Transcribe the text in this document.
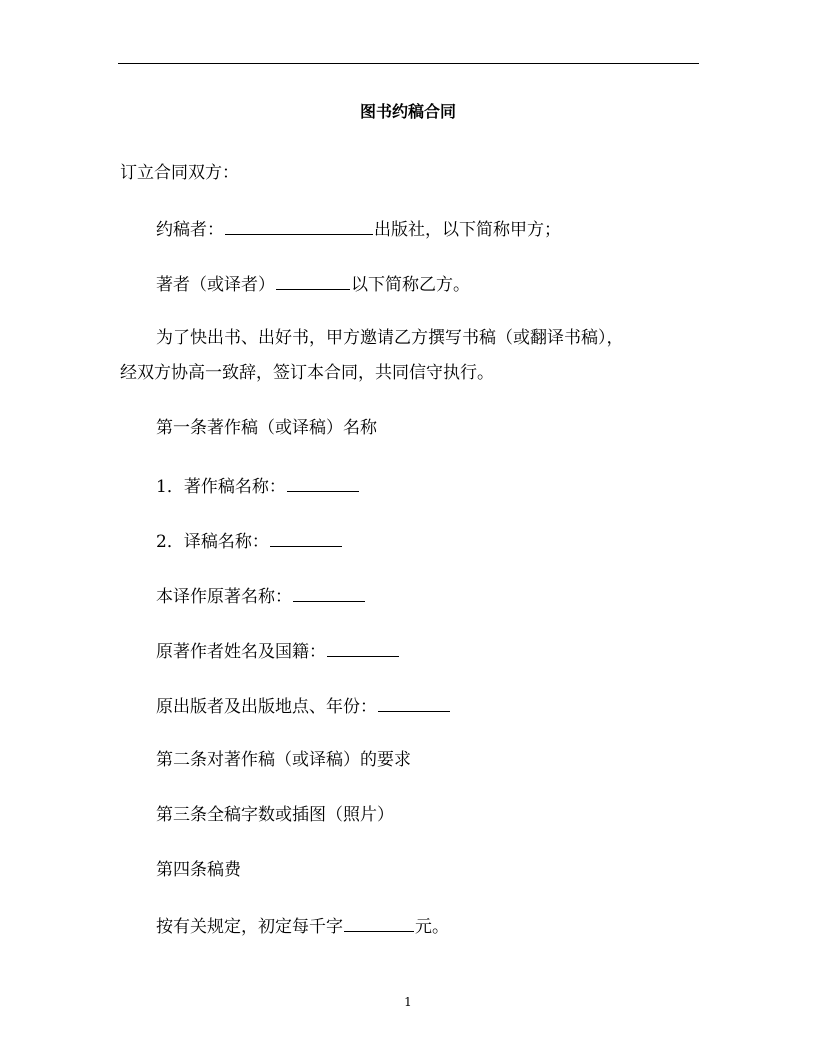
图书约稿合同
订立合同双方：
约稿者：	出版社，以下简称甲方；
著者（或译者）	以下简称乙方。
为了快出书、出好书，甲方邀请乙方撰写书稿（或翻译书稿），
经双方协高一致辞，签订本合同，共同信守执行。
第一条著作稿（或译稿）名称
1．著作稿名称：
2．译稿名称：
本译作原著名称：
原著作者姓名及国籍：
原出版者及出版地点、年份：
第二条对著作稿（或译稿）的要求
第三条全稿字数或插图（照片）
第四条稿费
按有关规定，初定每千字	元。
1
